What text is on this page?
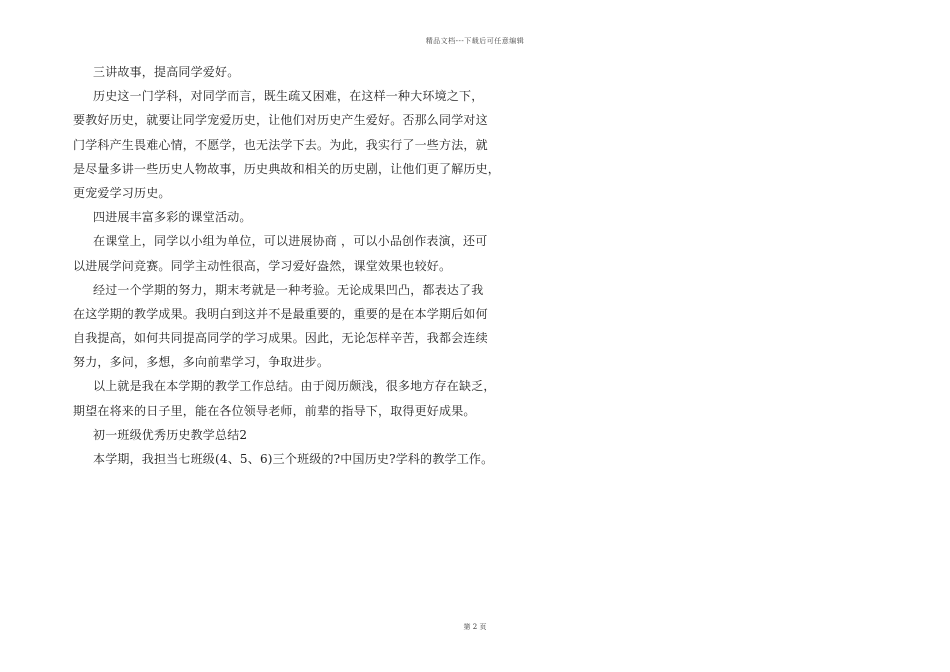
精品文档---下载后可任意编辑
三讲故事，提高同学爱好。
历史这一门学科，对同学而言，既生疏又困难，在这样一种大环境之下，
要教好历史，就要让同学宠爱历史，让他们对历史产生爱好。否那么同学对这
门学科产生畏难心情，不愿学，也无法学下去。为此，我实行了一些方法，就
是尽量多讲一些历史人物故事，历史典故和相关的历史剧，让他们更了解历史，
更宠爱学习历史。
四进展丰富多彩的课堂活动。
在课堂上，同学以小组为单位，可以进展协商 ，可以小品创作表演，还可
以进展学问竞赛。同学主动性很高，学习爱好盎然，课堂效果也较好。
经过一个学期的努力，期末考就是一种考验。无论成果凹凸，都表达了我
在这学期的教学成果。我明白到这并不是最重要的，重要的是在本学期后如何
自我提高，如何共同提高同学的学习成果。因此，无论怎样辛苦，我都会连续
努力，多问，多想，多向前辈学习，争取进步。
以上就是我在本学期的教学工作总结。由于阅历颇浅，很多地方存在缺乏，
期望在将来的日子里，能在各位领导老师，前辈的指导下，取得更好成果。
初一班级优秀历史教学总结2
本学期，我担当七班级(4、5、6)三个班级的?中国历史?学科的教学工作。
第 2 页
